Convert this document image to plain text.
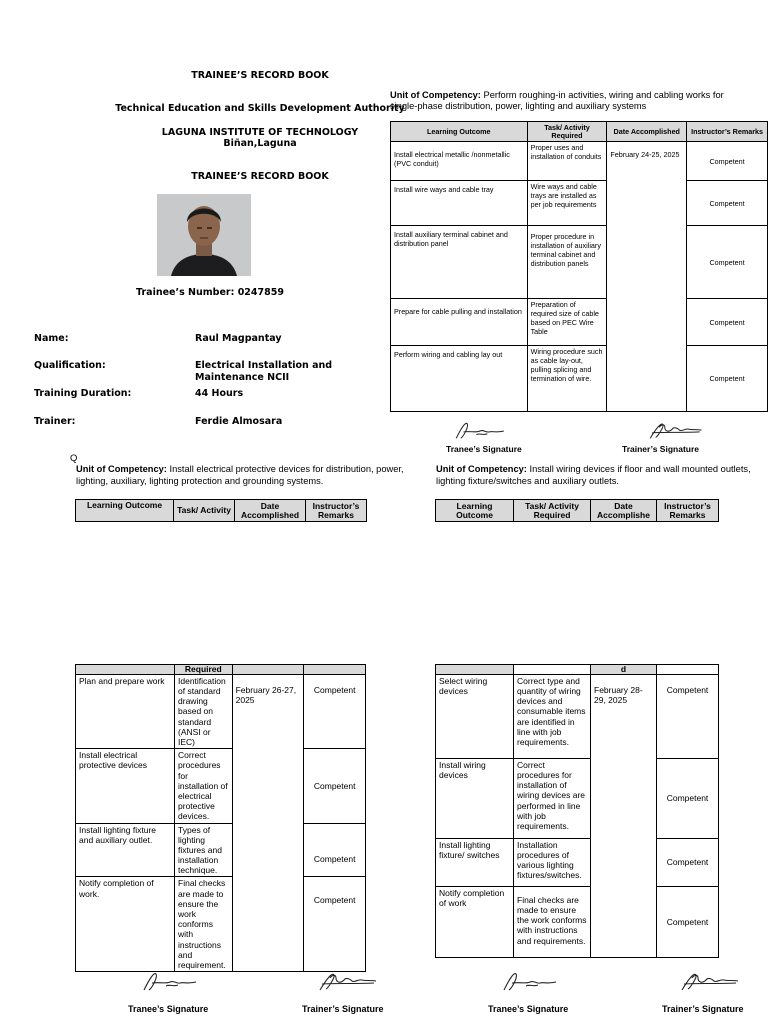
TRAINEE’S RECORD BOOK
Technical Education and Skills Development Authority
LAGUNA INSTITUTE OF TECHNOLOGY
Biñan,Laguna
TRAINEE’S RECORD BOOK
Trainee’s Number: 0247859
Name:	Raul Magpantay
Qualification:	Electrical Installation and Maintenance NCII
Training Duration:	44 Hours
Trainer:	Ferdie Almosara
Unit of Competency: Perform roughing-in activities, wiring and cabling works for single-phase distribution, power, lighting and auxiliary systems
Learning Outcome	Task/ Activity Required	Date Accomplished	Instructor’s Remarks
Install electrical metallic /nonmetallic (PVC conduit)	Proper uses and installation of conduits	February 24-25, 2025	Competent
Install wire ways and cable tray	Wire ways and cable trays are installed as per job requirements		Competent
Install auxiliary terminal cabinet and distribution panel	Proper procedure in installation of auxiliary terminal cabinet and distribution panels		Competent
Prepare for cable pulling and installation	Preparation of required size of cable based on PEC Wire Table		Competent
Perform wiring and cabling lay out	Wiring procedure such as cable lay-out, pulling splicing and termination of wire.		Competent
Tranee’s Signature	Trainer’s Signature
Q
Unit of Competency: Install electrical protective devices for distribution, power, lighting, auxiliary, lighting protection and grounding systems.
Learning Outcome	Task/ Activity	Date Accomplished	Instructor’s Remarks
Unit of Competency: Install wiring devices if floor and wall mounted outlets, lighting fixture/switches and auxiliary outlets.
Learning Outcome	Task/ Activity Required	Date Accomplishe	Instructor’s Remarks
	Required		
Plan and prepare work	Identification of standard drawing based on standard (ANSI or IEC)	February 26-27, 2025	Competent
Install electrical protective devices	Correct procedures for installation of electrical protective devices.		Competent
Install lighting fixture and auxiliary outlet.	Types of lighting fixtures and installation technique.		Competent
Notify completion of work.	Final checks are made to ensure the work conforms with instructions and requirement.		Competent
		d	
Select wiring devices	Correct type and quantity of wiring devices and consumable items are identified in line with job requirements.	February 28-29, 2025	Competent
Install wiring devices	Correct procedures for installation of wiring devices are performed in line with job requirements.		Competent
Install lighting fixture/ switches	Installation procedures of various lighting fixtures/switches.		Competent
Notify completion of work	Final checks are made to ensure the work conforms with instructions and requirements.		Competent
Tranee’s Signature	Trainer’s Signature	Tranee’s Signature	Trainer’s Signature
